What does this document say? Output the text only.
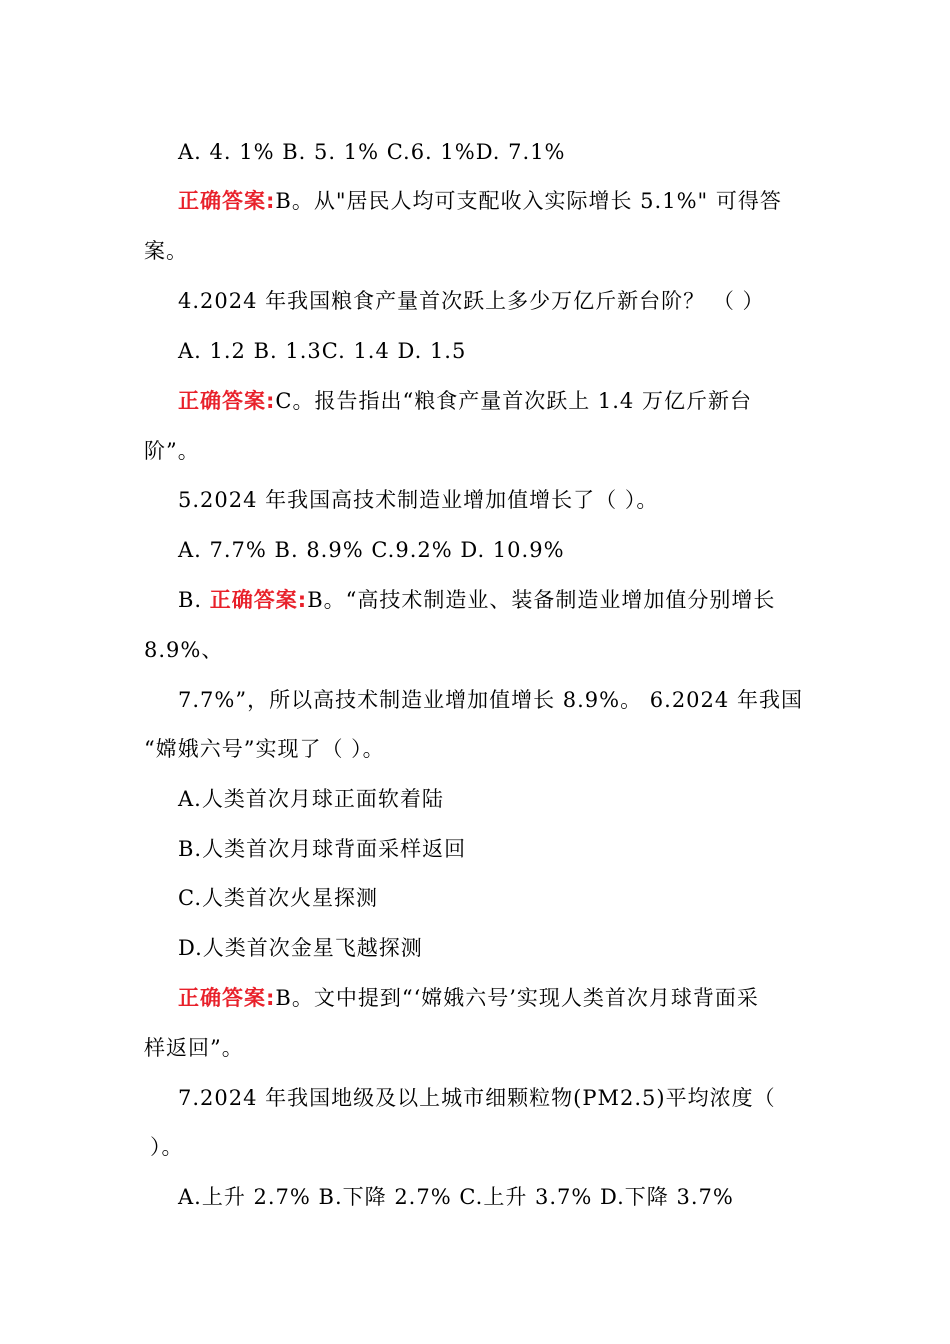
A. 4. 1% B. 5. 1% C.6. 1%D. 7.1%
正确答案:B。从"居民人均可支配收入实际增长 5.1%" 可得答
案。
4.2024 年我国粮食产量首次跃上多少万亿斤新台阶？ （ ）
A. 1.2 B. 1.3C. 1.4 D. 1.5
正确答案:C。报告指出“粮食产量首次跃上 1.4 万亿斤新台
阶”。
5.2024 年我国高技术制造业增加值增长了（ ）。
A. 7.7% B. 8.9% C.9.2% D. 10.9%
B. 正确答案:B。“高技术制造业、装备制造业增加值分别增长
8.9%、
7.7%”，所以高技术制造业增加值增长 8.9%。 6.2024 年我国
“嫦娥六号”实现了（ ）。
A.人类首次月球正面软着陆
B.人类首次月球背面采样返回
C.人类首次火星探测
D.人类首次金星飞越探测
正确答案:B。文中提到“‘嫦娥六号’实现人类首次月球背面采
样返回”。
7.2024 年我国地级及以上城市细颗粒物(PM2.5)平均浓度（
）。
A.上升 2.7% B.下降 2.7% C.上升 3.7% D.下降 3.7%
